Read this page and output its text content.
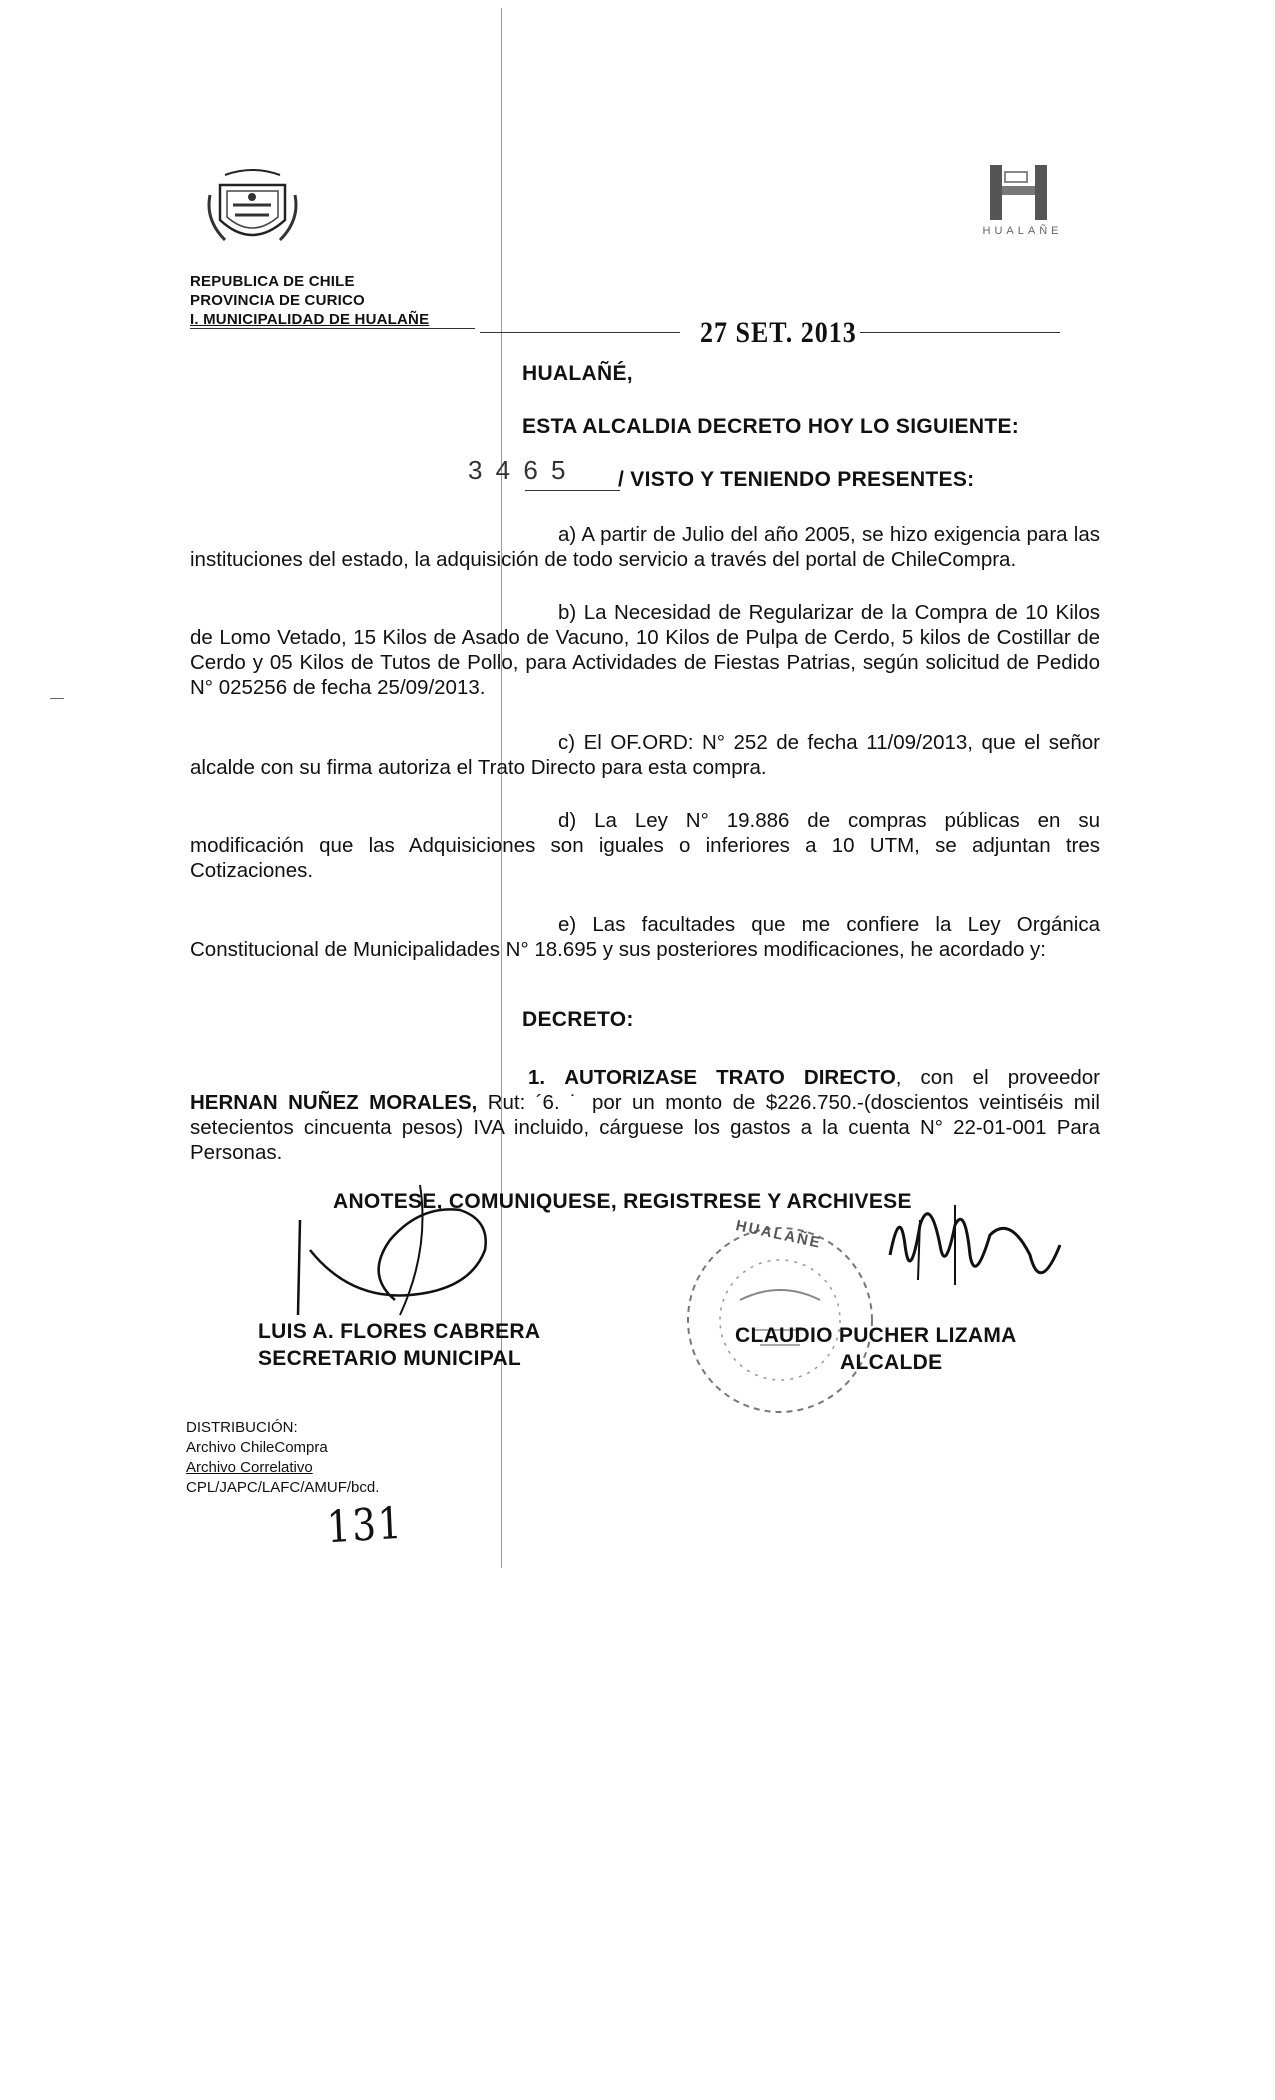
HUALAÑE
REPUBLICA DE CHILE
PROVINCIA DE CURICO
I. MUNICIPALIDAD DE HUALAÑE	27 SET. 2013
HUALAÑÉ,
ESTA ALCALDIA DECRETO HOY LO SIGUIENTE:
3 4 6 5 / VISTO Y TENIENDO PRESENTES:
a) A partir de Julio del año 2005, se hizo exigencia para las instituciones del estado, la adquisición de todo servicio a través del portal de ChileCompra.
b) La Necesidad de Regularizar de la Compra de 10 Kilos de Lomo Vetado, 15 Kilos de Asado de Vacuno, 10 Kilos de Pulpa de Cerdo, 5 kilos de Costillar de Cerdo y 05 Kilos de Tutos de Pollo, para Actividades de Fiestas Patrias, según solicitud de Pedido N° 025256 de fecha 25/09/2013.
c) El OF.ORD: N° 252 de fecha 11/09/2013, que el señor alcalde con su firma autoriza el Trato Directo para esta compra.
d) La Ley N° 19.886 de compras públicas en su modificación que las Adquisiciones son iguales o inferiores a 10 UTM, se adjuntan tres Cotizaciones.
e) Las facultades que me confiere la Ley Orgánica Constitucional de Municipalidades N° 18.695 y sus posteriores modificaciones, he acordado y:
DECRETO:
1. AUTORIZASE TRATO DIRECTO, con el proveedor HERNAN NUÑEZ MORALES, Rut: ´6. ˙ por un monto de $226.750.-(doscientos veintiséis mil setecientos cincuenta pesos) IVA incluido, cárguese los gastos a la cuenta N° 22-01-001 Para Personas.
ANOTESE, COMUNIQUESE, REGISTRESE Y ARCHIVESE
HUALAÑE
LUIS A. FLORES CABRERA
SECRETARIO MUNICIPAL
CLAUDIO PUCHER LIZAMA
ALCALDE
DISTRIBUCIÓN:
Archivo ChileCompra
Archivo Correlativo
CPL/JAPC/LAFC/AMUF/bcd.
131
